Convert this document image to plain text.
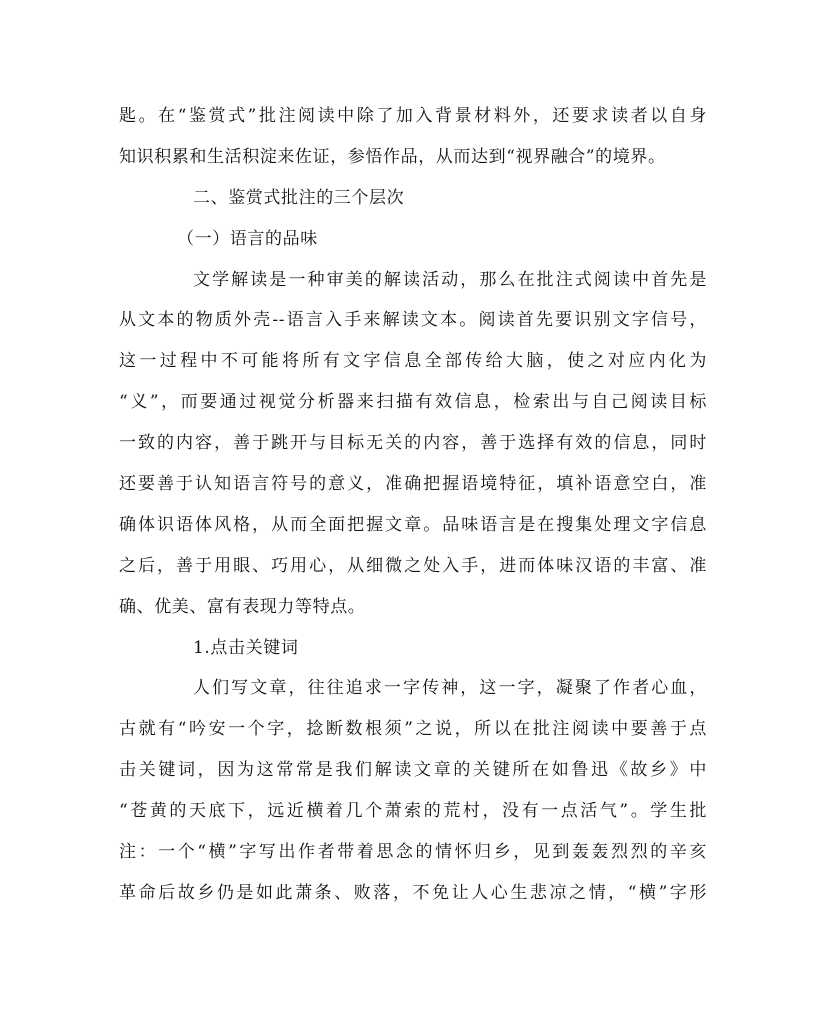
匙。在“鉴赏式”批注阅读中除了加入背景材料外，还要求读者以自身
知识积累和生活积淀来佐证，参悟作品，从而达到“视界融合”的境界。
二、鉴赏式批注的三个层次
（一）语言的品味
文学解读是一种审美的解读活动，那么在批注式阅读中首先是
从文本的物质外壳--语言入手来解读文本。阅读首先要识别文字信号，
这一过程中不可能将所有文字信息全部传给大脑，使之对应内化为
“义”，而要通过视觉分析器来扫描有效信息，检索出与自己阅读目标
一致的内容，善于跳开与目标无关的内容，善于选择有效的信息，同时
还要善于认知语言符号的意义，准确把握语境特征，填补语意空白，准
确体识语体风格，从而全面把握文章。品味语言是在搜集处理文字信息
之后，善于用眼、巧用心，从细微之处入手，进而体味汉语的丰富、准
确、优美、富有表现力等特点。
1.点击关键词
人们写文章，往往追求一字传神，这一字，凝聚了作者心血，
古就有“吟安一个字，捻断数根须”之说，所以在批注阅读中要善于点
击关键词，因为这常常是我们解读文章的关键所在如鲁迅《故乡》中
“苍黄的天底下，远近横着几个萧索的荒村，没有一点活气”。学生批
注：一个“横”字写出作者带着思念的情怀归乡，见到轰轰烈烈的辛亥
革命后故乡仍是如此萧条、败落，不免让人心生悲凉之情，“横”字形
